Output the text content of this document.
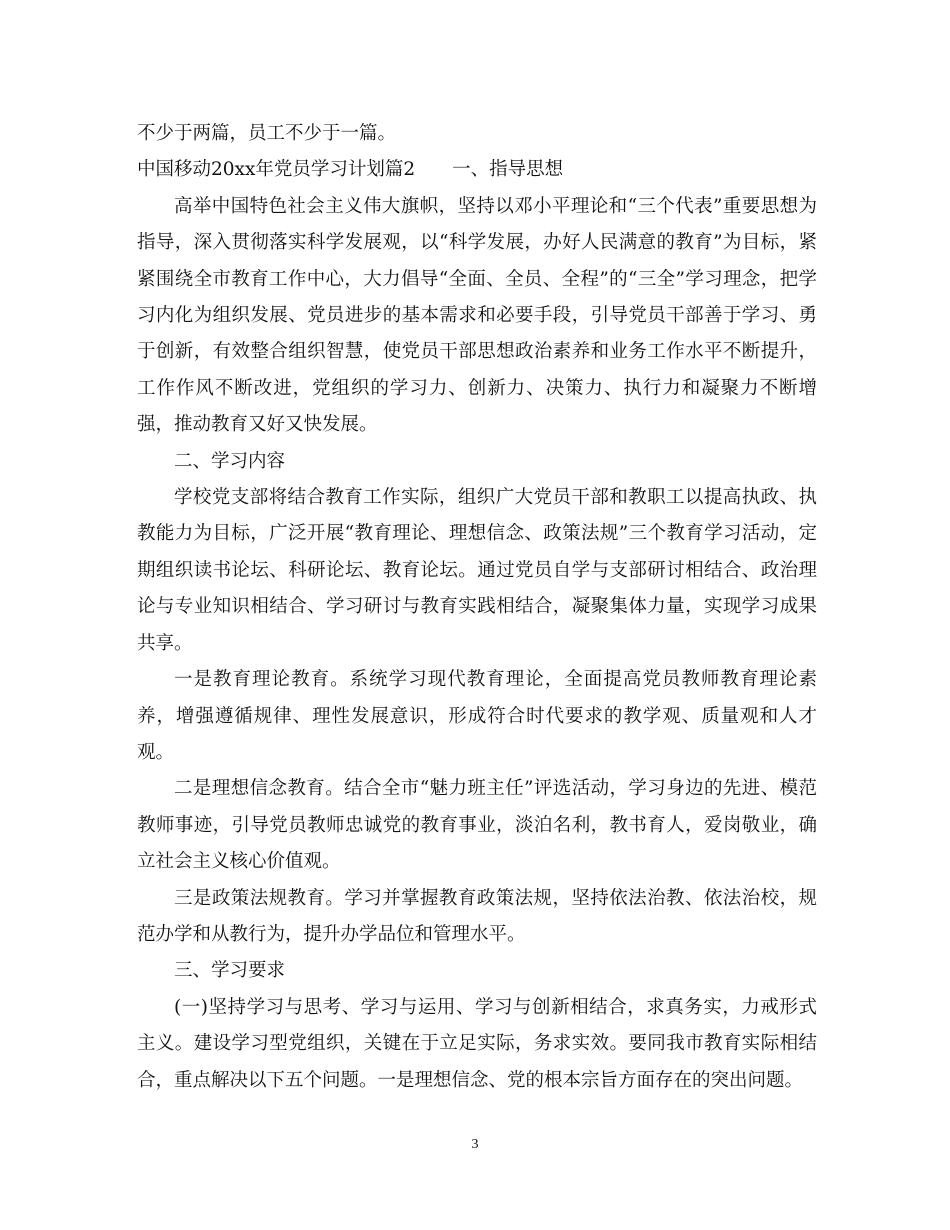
不少于两篇，员工不少于一篇。

中国移动20xx年党员学习计划篇2　　一、指导思想

高举中国特色社会主义伟大旗帜，坚持以邓小平理论和“三个代表”重要思想为指导，深入贯彻落实科学发展观，以“科学发展，办好人民满意的教育”为目标，紧紧围绕全市教育工作中心，大力倡导“全面、全员、全程”的“三全”学习理念，把学习内化为组织发展、党员进步的基本需求和必要手段，引导党员干部善于学习、勇于创新，有效整合组织智慧，使党员干部思想政治素养和业务工作水平不断提升，工作作风不断改进，党组织的学习力、创新力、决策力、执行力和凝聚力不断增强，推动教育又好又快发展。

二、学习内容

学校党支部将结合教育工作实际，组织广大党员干部和教职工以提高执政、执教能力为目标，广泛开展“教育理论、理想信念、政策法规”三个教育学习活动，定期组织读书论坛、科研论坛、教育论坛。通过党员自学与支部研讨相结合、政治理论与专业知识相结合、学习研讨与教育实践相结合，凝聚集体力量，实现学习成果共享。

一是教育理论教育。系统学习现代教育理论，全面提高党员教师教育理论素养，增强遵循规律、理性发展意识，形成符合时代要求的教学观、质量观和人才观。

二是理想信念教育。结合全市“魅力班主任”评选活动，学习身边的先进、模范教师事迹，引导党员教师忠诚党的教育事业，淡泊名利，教书育人，爱岗敬业，确立社会主义核心价值观。

三是政策法规教育。学习并掌握教育政策法规，坚持依法治教、依法治校，规范办学和从教行为，提升办学品位和管理水平。

三、学习要求

(一)坚持学习与思考、学习与运用、学习与创新相结合，求真务实，力戒形式主义。建设学习型党组织，关键在于立足实际，务求实效。要同我市教育实际相结合，重点解决以下五个问题。一是理想信念、党的根本宗旨方面存在的突出问题。

3
